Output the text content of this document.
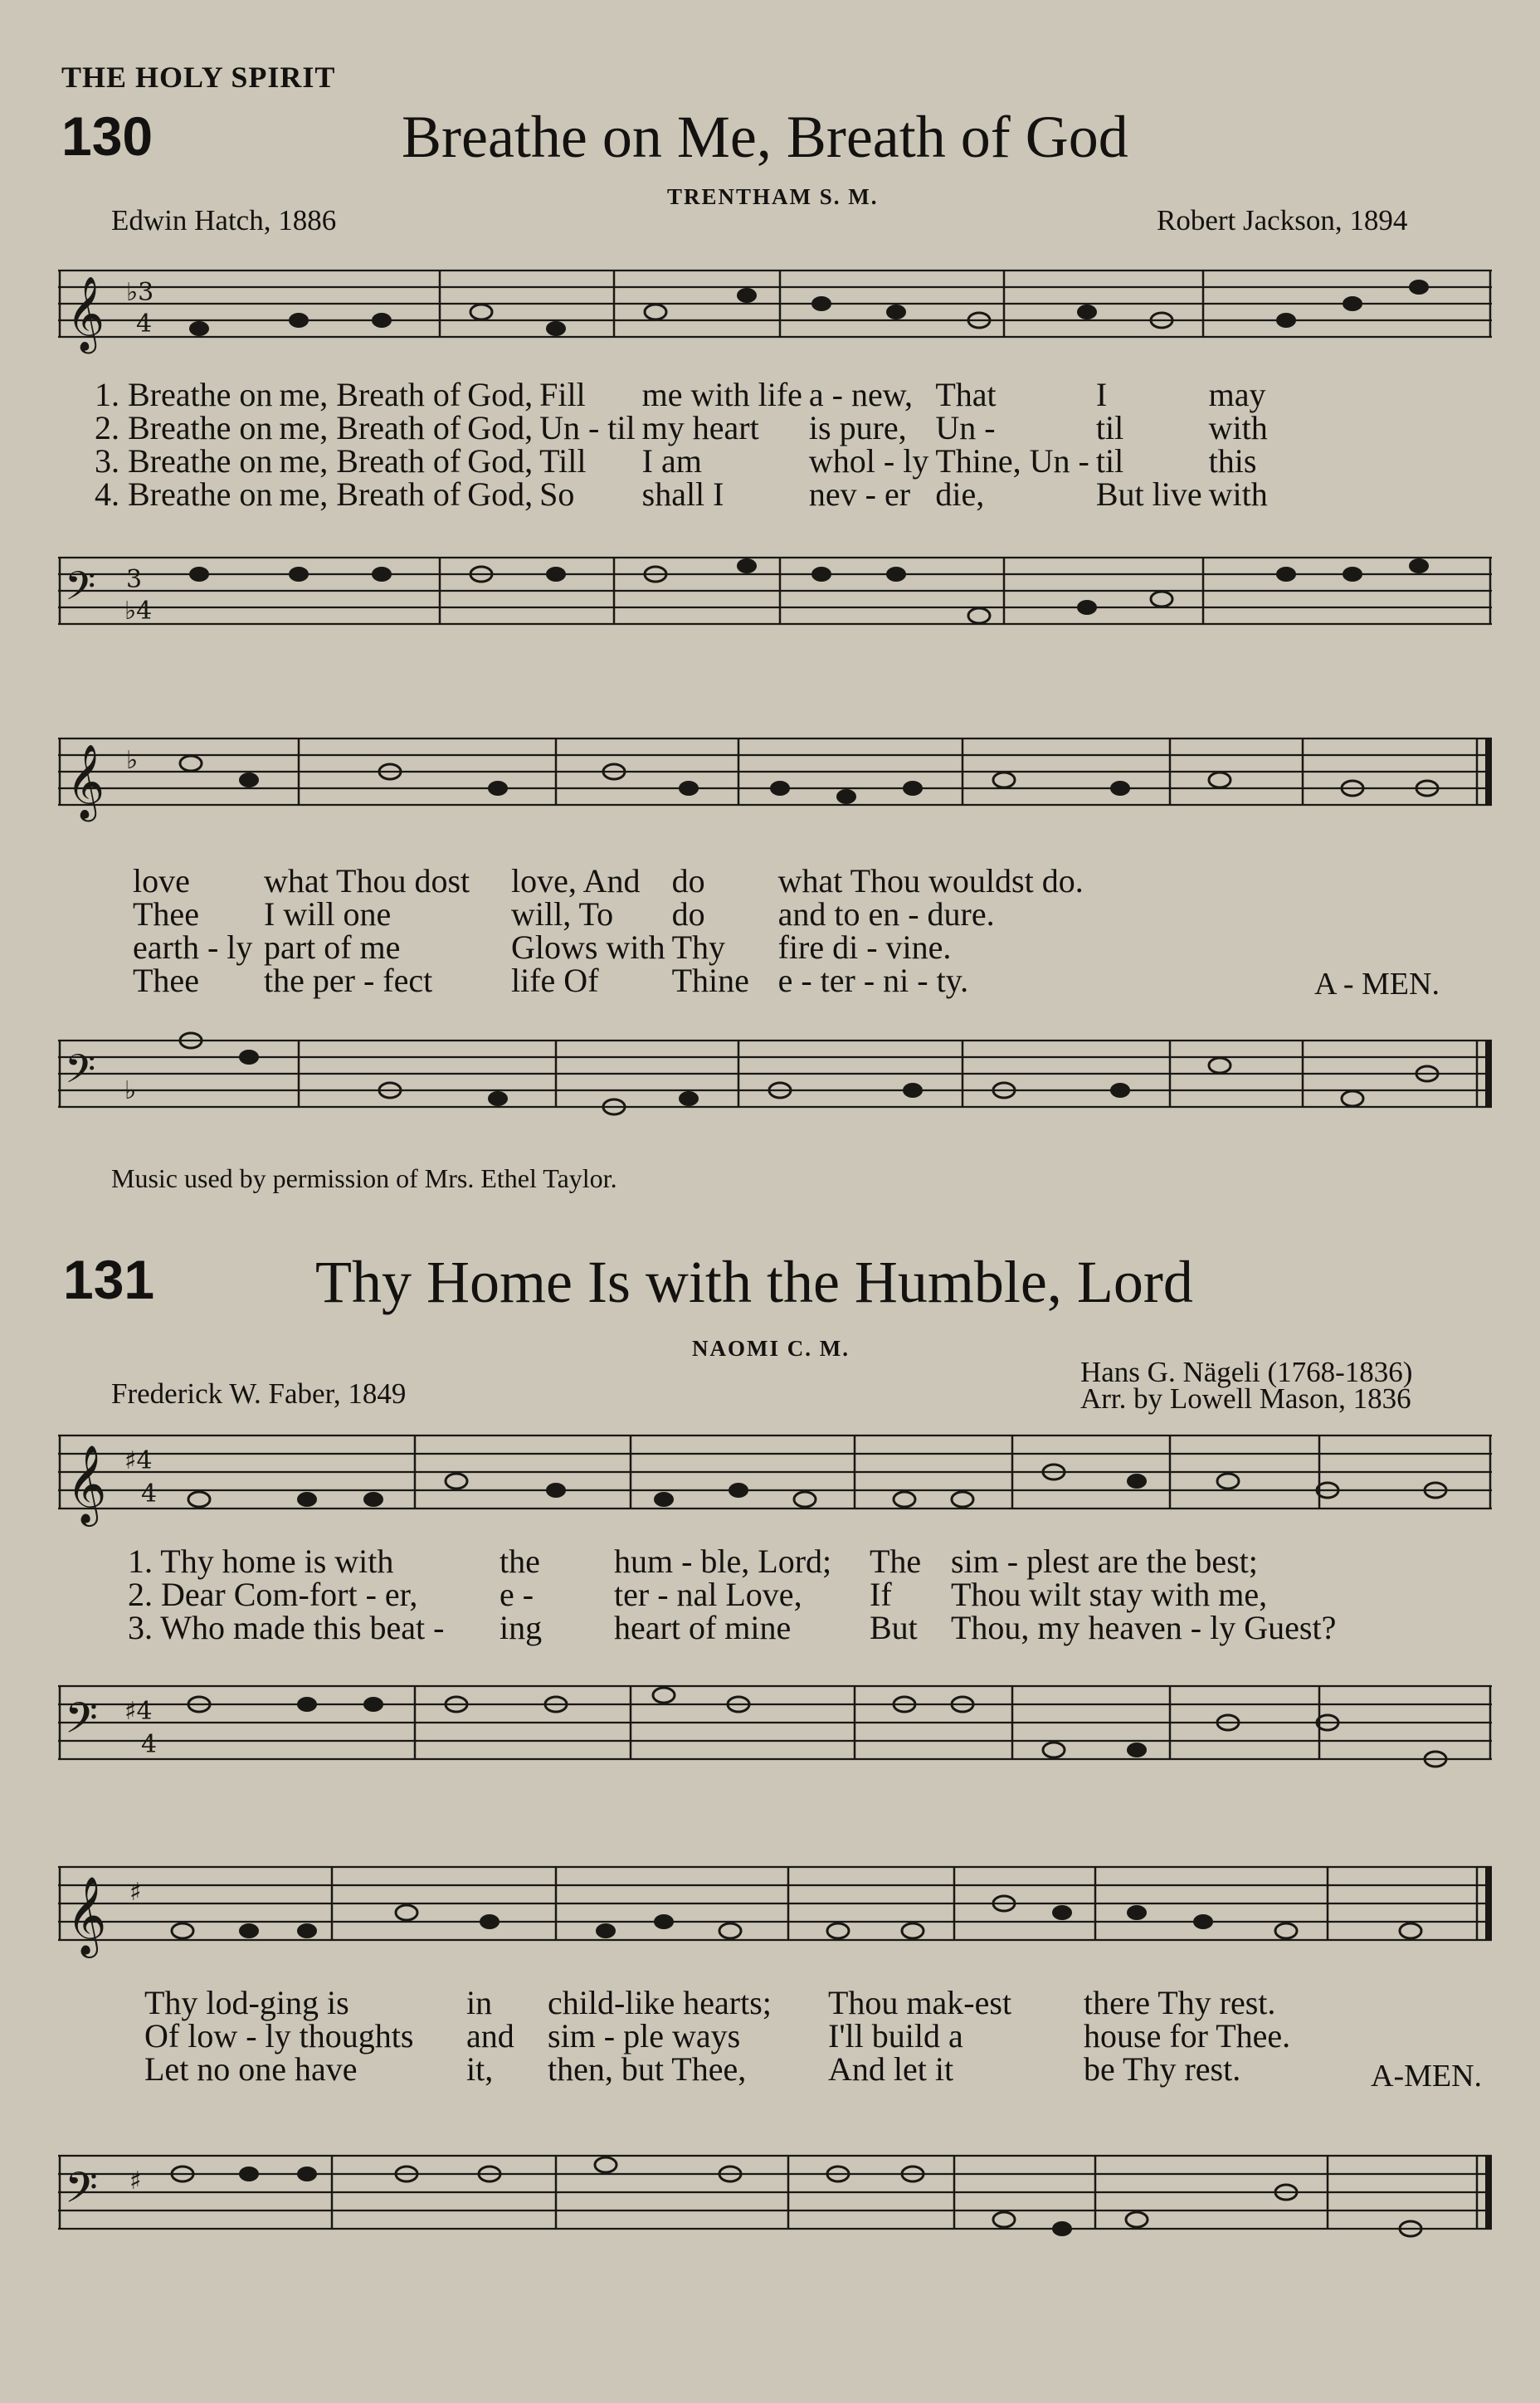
THE HOLY SPIRIT
130	Breathe on Me, Breath of God
TRENTHAM S. M.
Edwin Hatch, 1886	Robert Jackson, 1894
𝄞 ♭3
4
1. Breathe on	me, Breath of	God,	Fill	me with life	a - new,	That	I	may
2. Breathe on	me, Breath of	God,	Un - til	my heart	is pure,	Un -	til	with
3. Breathe on	me, Breath of	God,	Till	I am	whol - ly	Thine, Un -	til	this
4. Breathe on	me, Breath of	God,	So	shall I	nev - er	die,	But live	with
𝄢 3
♭4
𝄞 ♭
love	what Thou dost	love, And	do	what Thou wouldst do.
Thee	I will one	will, To	do	and to en - dure.
earth - ly	part of me	Glows with	Thy	fire di - vine.
Thee	the per - fect	life Of	Thine	e - ter - ni - ty.	A - MEN.
𝄢 ♭
Music used by permission of Mrs. Ethel Taylor.
131	Thy Home Is with the Humble, Lord
NAOMI C. M.
Hans G. Nägeli (1768-1836)
Arr. by Lowell Mason, 1836
Frederick W. Faber, 1849
𝄞 ♯4
4
1. Thy home is with	the	hum - ble, Lord;	The	sim - plest are the best;
2. Dear Com-fort - er,	e -	ter - nal Love,	If	Thou wilt stay with me,
3. Who made this beat -	ing	heart of mine	But	Thou, my heaven - ly Guest?
𝄢 ♯4
4
𝄞 ♯
Thy lod-ging is	in	child-like hearts;	Thou mak-est	there Thy rest.
Of low - ly thoughts	and	sim - ple ways	I'll build a	house for Thee.
Let no one have	it,	then, but Thee,	And let it	be Thy rest.	A-MEN.
𝄢 ♯
